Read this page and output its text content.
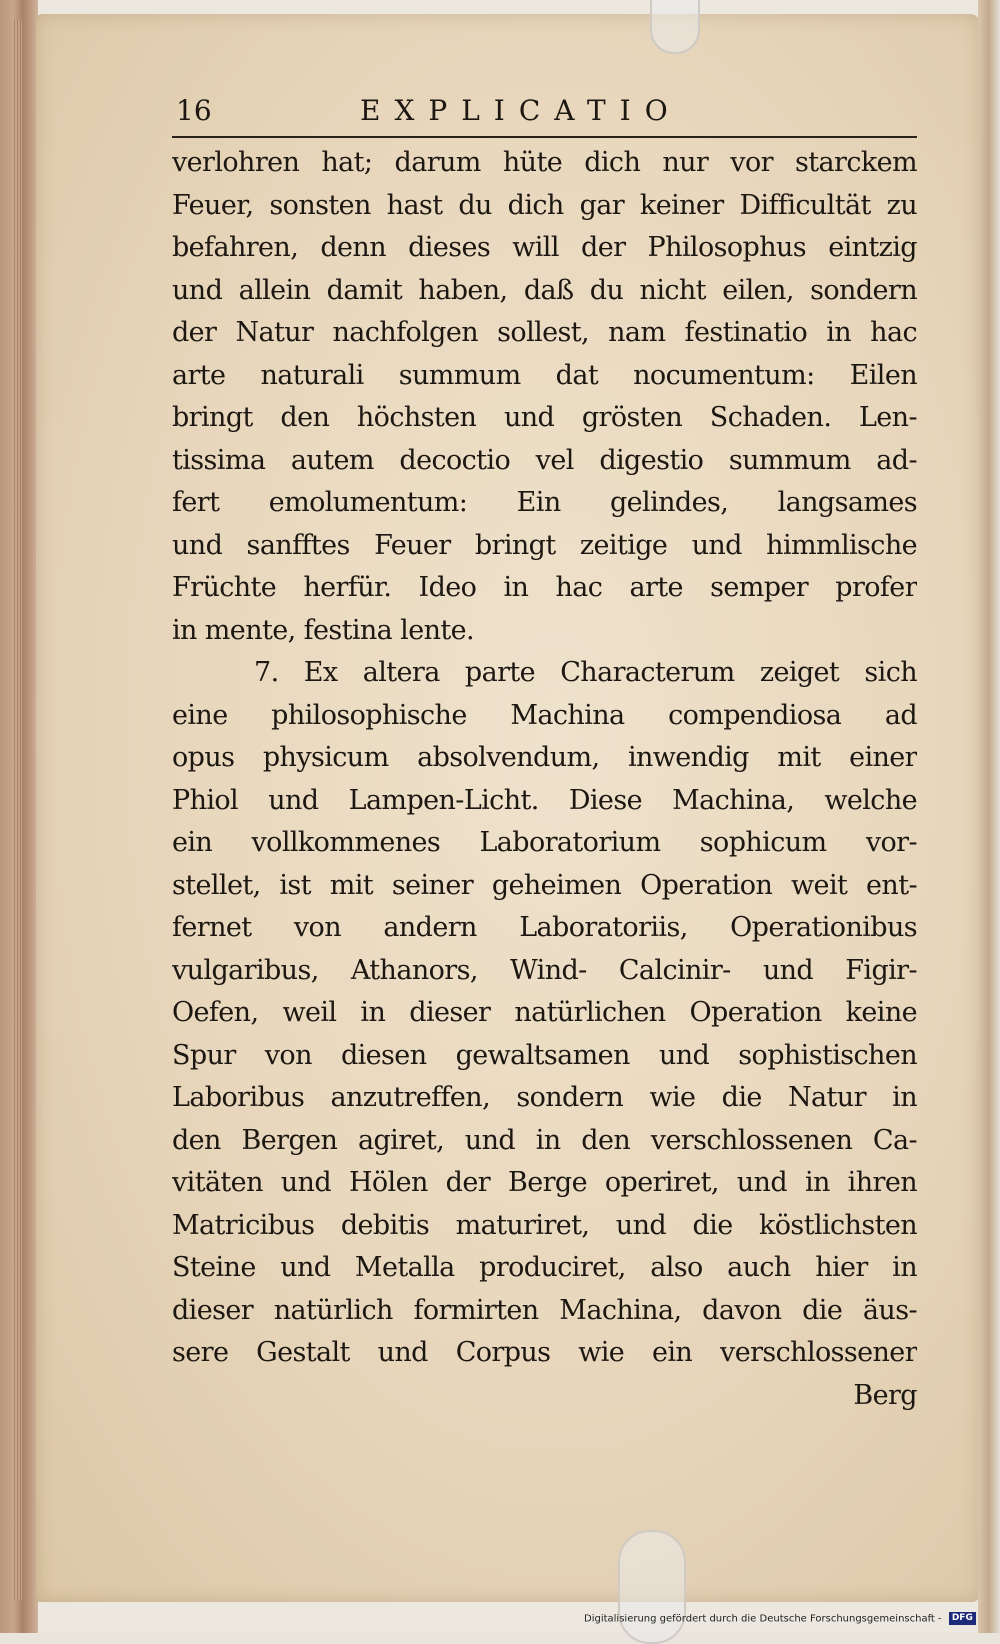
16	EXPLICATIO
verlohren hat; darum hüte dich nur vor starckem
Feuer, sonsten hast du dich gar keiner Difficultät zu
befahren, denn dieses will der Philosophus eintzig
und allein damit haben, daß du nicht eilen, sondern
der Natur nachfolgen sollest, nam festinatio in hac
arte naturali summum dat nocumentum: Eilen
bringt den höchsten und grösten Schaden. Len-
tissima autem decoctio vel digestio summum ad-
fert emolumentum: Ein gelindes, langsames
und sanfftes Feuer bringt zeitige und himmlische
Früchte herfür. Ideo in hac arte semper profer
in mente, festina lente.
7. Ex altera parte Characterum zeiget sich
eine philosophische Machina compendiosa ad
opus physicum absolvendum, inwendig mit einer
Phiol und Lampen-Licht. Diese Machina, welche
ein vollkommenes Laboratorium sophicum vor-
stellet, ist mit seiner geheimen Operation weit ent-
fernet von andern Laboratoriis, Operationibus
vulgaribus, Athanors, Wind- Calcinir- und Figir-
Oefen, weil in dieser natürlichen Operation keine
Spur von diesen gewaltsamen und sophistischen
Laboribus anzutreffen, sondern wie die Natur in
den Bergen agiret, und in den verschlossenen Ca-
vitäten und Hölen der Berge operiret, und in ihren
Matricibus debitis maturiret, und die köstlichsten
Steine und Metalla produciret, also auch hier in
dieser natürlich formirten Machina, davon die äus-
sere Gestalt und Corpus wie ein verschlossener
Berg
Digitalisierung gefördert durch die Deutsche Forschungsgemeinschaft - DFG
